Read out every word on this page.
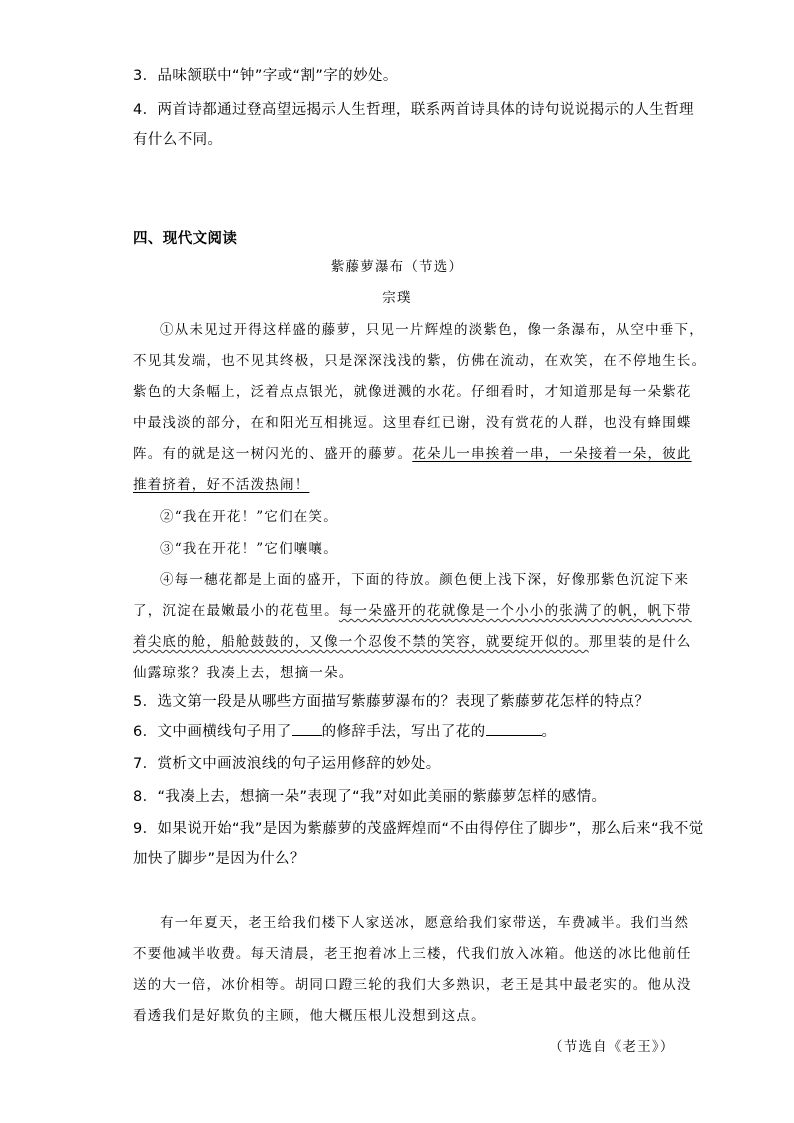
3．品味颔联中“钟”字或“割”字的妙处。
4．两首诗都通过登高望远揭示人生哲理，联系两首诗具体的诗句说说揭示的人生哲理
有什么不同。
四、现代文阅读
紫藤萝瀑布（节选）
宗璞
①从未见过开得这样盛的藤萝，只见一片辉煌的淡紫色，像一条瀑布，从空中垂下，
不见其发端，也不见其终极，只是深深浅浅的紫，仿佛在流动，在欢笑，在不停地生长。
紫色的大条幅上，泛着点点银光，就像迸溅的水花。仔细看时，才知道那是每一朵紫花
中最浅淡的部分，在和阳光互相挑逗。这里春红已谢，没有赏花的人群，也没有蜂围蝶
阵。有的就是这一树闪光的、盛开的藤萝。花朵儿一串挨着一串，一朵接着一朵，彼此
推着挤着，好不活泼热闹！
②“我在开花！”它们在笑。
③“我在开花！”它们嚷嚷。
④每一穗花都是上面的盛开，下面的待放。颜色便上浅下深，好像那紫色沉淀下来
了，沉淀在最嫩最小的花苞里。每一朵盛开的花就像是一个小小的张满了的帆，帆下带
着尖底的舱，船舱鼓鼓的，又像一个忍俊不禁的笑容，就要绽开似的。那里装的是什么
仙露琼浆？我凑上去，想摘一朵。
5．选文第一段是从哪些方面描写紫藤萝瀑布的？表现了紫藤萝花怎样的特点？
6．文中画横线句子用了 的修辞手法，写出了花的	。
7．赏析文中画波浪线的句子运用修辞的妙处。
8．“我凑上去，想摘一朵”表现了“我”对如此美丽的紫藤萝怎样的感情。
9．如果说开始“我”是因为紫藤萝的茂盛辉煌而“不由得停住了脚步”，那么后来“我不觉
加快了脚步”是因为什么？
有一年夏天，老王给我们楼下人家送冰，愿意给我们家带送，车费减半。我们当然
不要他减半收费。每天清晨，老王抱着冰上三楼，代我们放入冰箱。他送的冰比他前任
送的大一倍，冰价相等。胡同口蹬三轮的我们大多熟识，老王是其中最老实的。他从没
看透我们是好欺负的主顾，他大概压根儿没想到这点。
（节选自《老王》）
